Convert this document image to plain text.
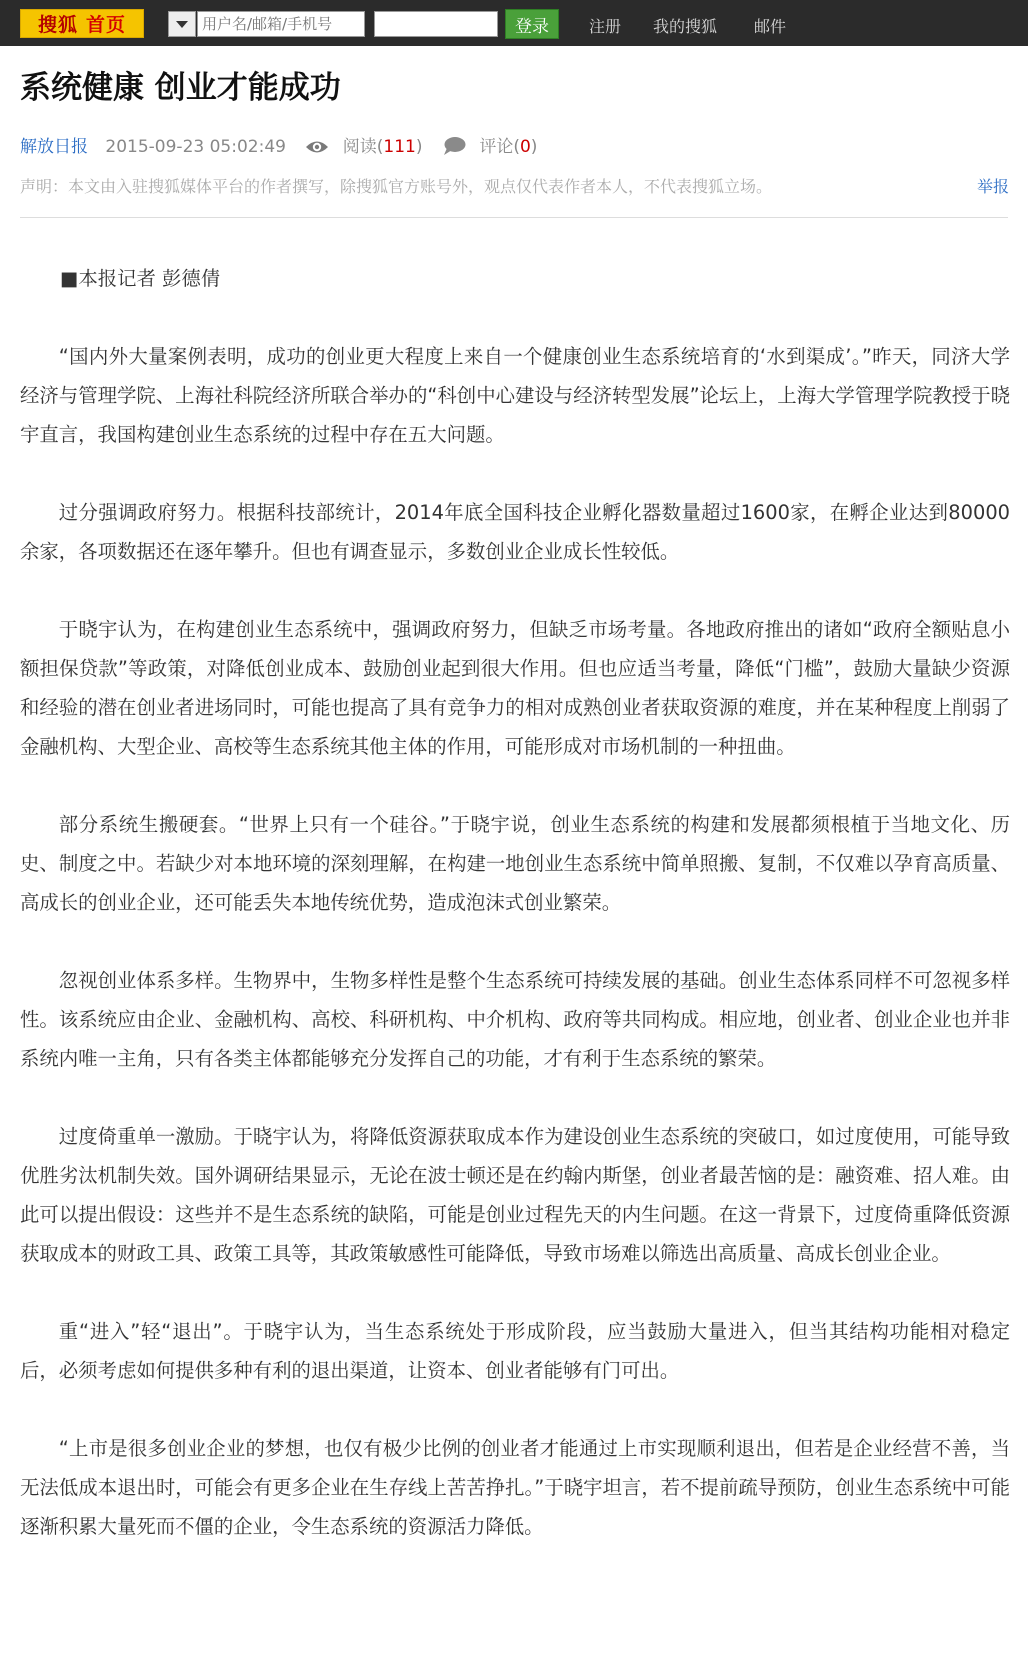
搜狐 首页
用户名/邮箱/手机号	登录	注册 我的搜狐 邮件
系统健康 创业才能成功
解放日报 2015-09-23 05:02:49	阅读(111)	评论(0)
声明：本文由入驻搜狐媒体平台的作者撰写，除搜狐官方账号外，观点仅代表作者本人，不代表搜狐立场。	举报

■本报记者 彭德倩

“国内外大量案例表明，成功的创业更大程度上来自一个健康创业生态系统培育的‘水到渠成’。”昨天，同济大学经济与管理学院、上海社科院经济所联合举办的“科创中心建设与经济转型发展”论坛上，上海大学管理学院教授于晓宇直言，我国构建创业生态系统的过程中存在五大问题。

过分强调政府努力。根据科技部统计，2014年底全国科技企业孵化器数量超过1600家，在孵企业达到80000余家，各项数据还在逐年攀升。但也有调查显示，多数创业企业成长性较低。

于晓宇认为，在构建创业生态系统中，强调政府努力，但缺乏市场考量。各地政府推出的诸如“政府全额贴息小额担保贷款”等政策，对降低创业成本、鼓励创业起到很大作用。但也应适当考量，降低“门槛”，鼓励大量缺少资源和经验的潜在创业者进场同时，可能也提高了具有竞争力的相对成熟创业者获取资源的难度，并在某种程度上削弱了金融机构、大型企业、高校等生态系统其他主体的作用，可能形成对市场机制的一种扭曲。

部分系统生搬硬套。“世界上只有一个硅谷。”于晓宇说，创业生态系统的构建和发展都须根植于当地文化、历史、制度之中。若缺少对本地环境的深刻理解，在构建一地创业生态系统中简单照搬、复制，不仅难以孕育高质量、高成长的创业企业，还可能丢失本地传统优势，造成泡沫式创业繁荣。

忽视创业体系多样。生物界中，生物多样性是整个生态系统可持续发展的基础。创业生态体系同样不可忽视多样性。该系统应由企业、金融机构、高校、科研机构、中介机构、政府等共同构成。相应地，创业者、创业企业也并非系统内唯一主角，只有各类主体都能够充分发挥自己的功能，才有利于生态系统的繁荣。

过度倚重单一激励。于晓宇认为，将降低资源获取成本作为建设创业生态系统的突破口，如过度使用，可能导致优胜劣汰机制失效。国外调研结果显示，无论在波士顿还是在约翰内斯堡，创业者最苦恼的是：融资难、招人难。由此可以提出假设：这些并不是生态系统的缺陷，可能是创业过程先天的内生问题。在这一背景下，过度倚重降低资源获取成本的财政工具、政策工具等，其政策敏感性可能降低，导致市场难以筛选出高质量、高成长创业企业。

重“进入”轻“退出”。于晓宇认为，当生态系统处于形成阶段，应当鼓励大量进入，但当其结构功能相对稳定后，必须考虑如何提供多种有利的退出渠道，让资本、创业者能够有门可出。

“上市是很多创业企业的梦想，也仅有极少比例的创业者才能通过上市实现顺利退出，但若是企业经营不善，当无法低成本退出时，可能会有更多企业在生存线上苦苦挣扎。”于晓宇坦言，若不提前疏导预防，创业生态系统中可能逐渐积累大量死而不僵的企业，令生态系统的资源活力降低。
